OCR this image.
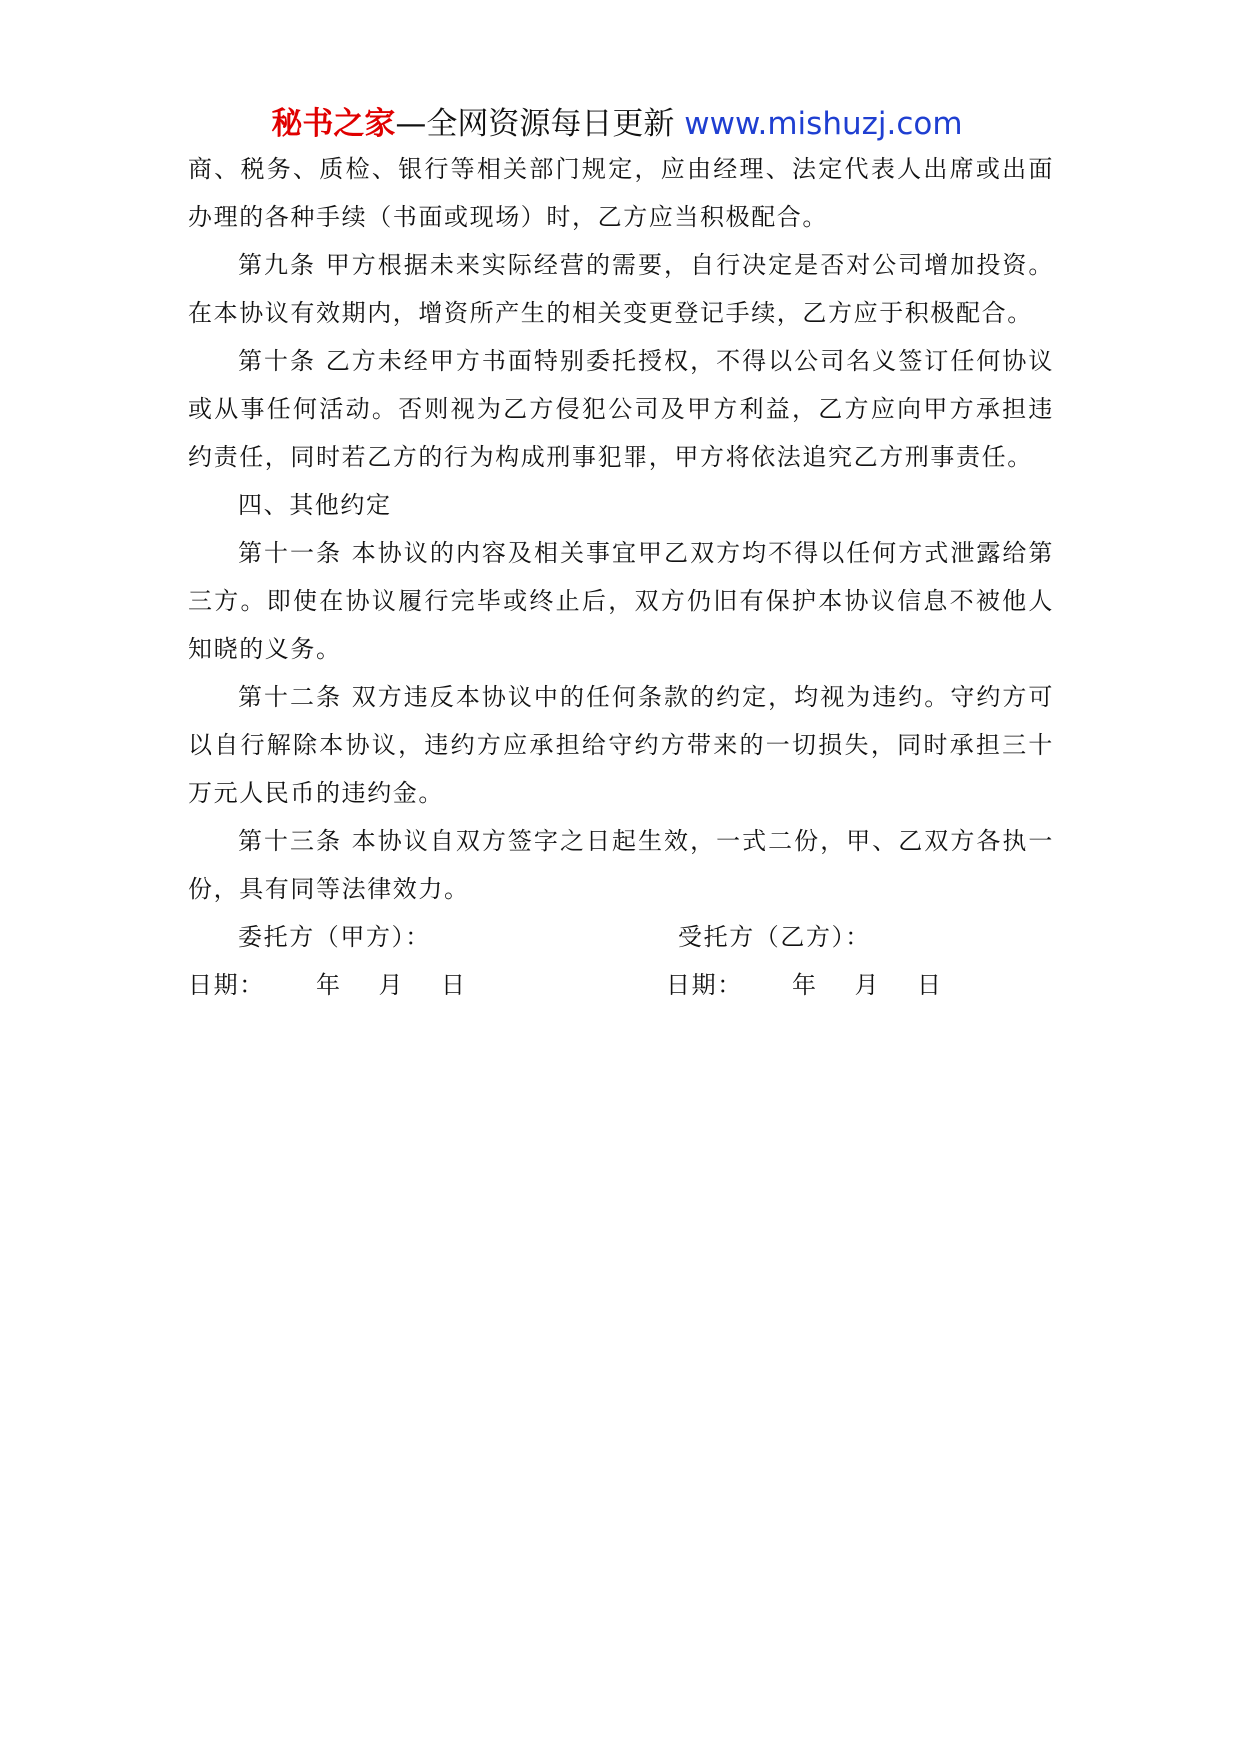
秘书之家—全网资源每日更新 www.mishuzj.com

商、税务、质检、银行等相关部门规定，应由经理、法定代表人出席或出面办理的各种手续（书面或现场）时，乙方应当积极配合。

第九条 甲方根据未来实际经营的需要，自行决定是否对公司增加投资。在本协议有效期内，增资所产生的相关变更登记手续，乙方应于积极配合。

第十条 乙方未经甲方书面特别委托授权，不得以公司名义签订任何协议或从事任何活动。否则视为乙方侵犯公司及甲方利益，乙方应向甲方承担违约责任，同时若乙方的行为构成刑事犯罪，甲方将依法追究乙方刑事责任。

四、其他约定

第十一条 本协议的内容及相关事宜甲乙双方均不得以任何方式泄露给第三方。即使在协议履行完毕或终止后，双方仍旧有保护本协议信息不被他人知晓的义务。

第十二条 双方违反本协议中的任何条款的约定，均视为违约。守约方可以自行解除本协议，违约方应承担给守约方带来的一切损失，同时承担三十万元人民币的违约金。

第十三条 本协议自双方签字之日起生效，一式二份，甲、乙双方各执一份，具有同等法律效力。

委托方（甲方）：	受托方（乙方）：
日期： 年    月    日	日期： 年    月    日
